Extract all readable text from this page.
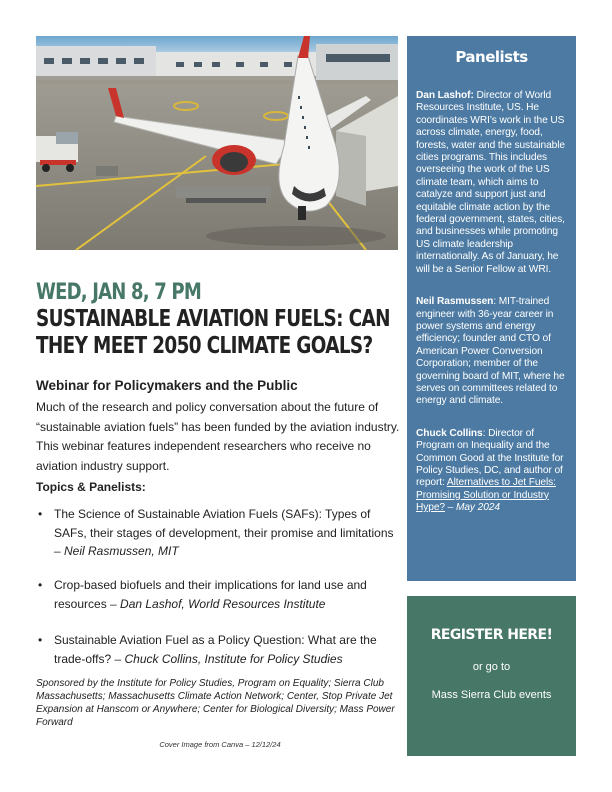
WED, JAN 8, 7 PM
SUSTAINABLE AVIATION FUELS: CAN THEY MEET 2050 CLIMATE GOALS?
Webinar for Policymakers and the Public

Much of the research and policy conversation about the future of “sustainable aviation fuels” has been funded by the aviation industry. This webinar features independent researchers who receive no aviation industry support.

Topics & Panelists:
• The Science of Sustainable Aviation Fuels (SAFs): Types of SAFs, their stages of development, their promise and limitations – Neil Rasmussen, MIT
• Crop-based biofuels and their implications for land use and resources – Dan Lashof, World Resources Institute
• Sustainable Aviation Fuel as a Policy Question: What are the trade-offs? – Chuck Collins, Institute for Policy Studies

Sponsored by the Institute for Policy Studies, Program on Equality; Sierra Club Massachusetts; Massachusetts Climate Action Network; Center, Stop Private Jet Expansion at Hanscom or Anywhere; Center for Biological Diversity; Mass Power Forward

Cover Image from Canva – 12/12/24

Panelists

Dan Lashof: Director of World Resources Institute, US. He coordinates WRI’s work in the US across climate, energy, food, forests, water and the sustainable cities programs. This includes overseeing the work of the US climate team, which aims to catalyze and support just and equitable climate action by the federal government, states, cities, and businesses while promoting US climate leadership internationally. As of January, he will be a Senior Fellow at WRI.

Neil Rasmussen: MIT-trained engineer with 36-year career in power systems and energy efficiency; founder and CTO of American Power Conversion Corporation; member of the governing board of MIT, where he serves on committees related to energy and climate.

Chuck Collins: Director of Program on Inequality and the Common Good at the Institute for Policy Studies, DC, and author of report: Alternatives to Jet Fuels: Promising Solution or Industry Hype? – May 2024

REGISTER HERE!

or go to

Mass Sierra Club events
